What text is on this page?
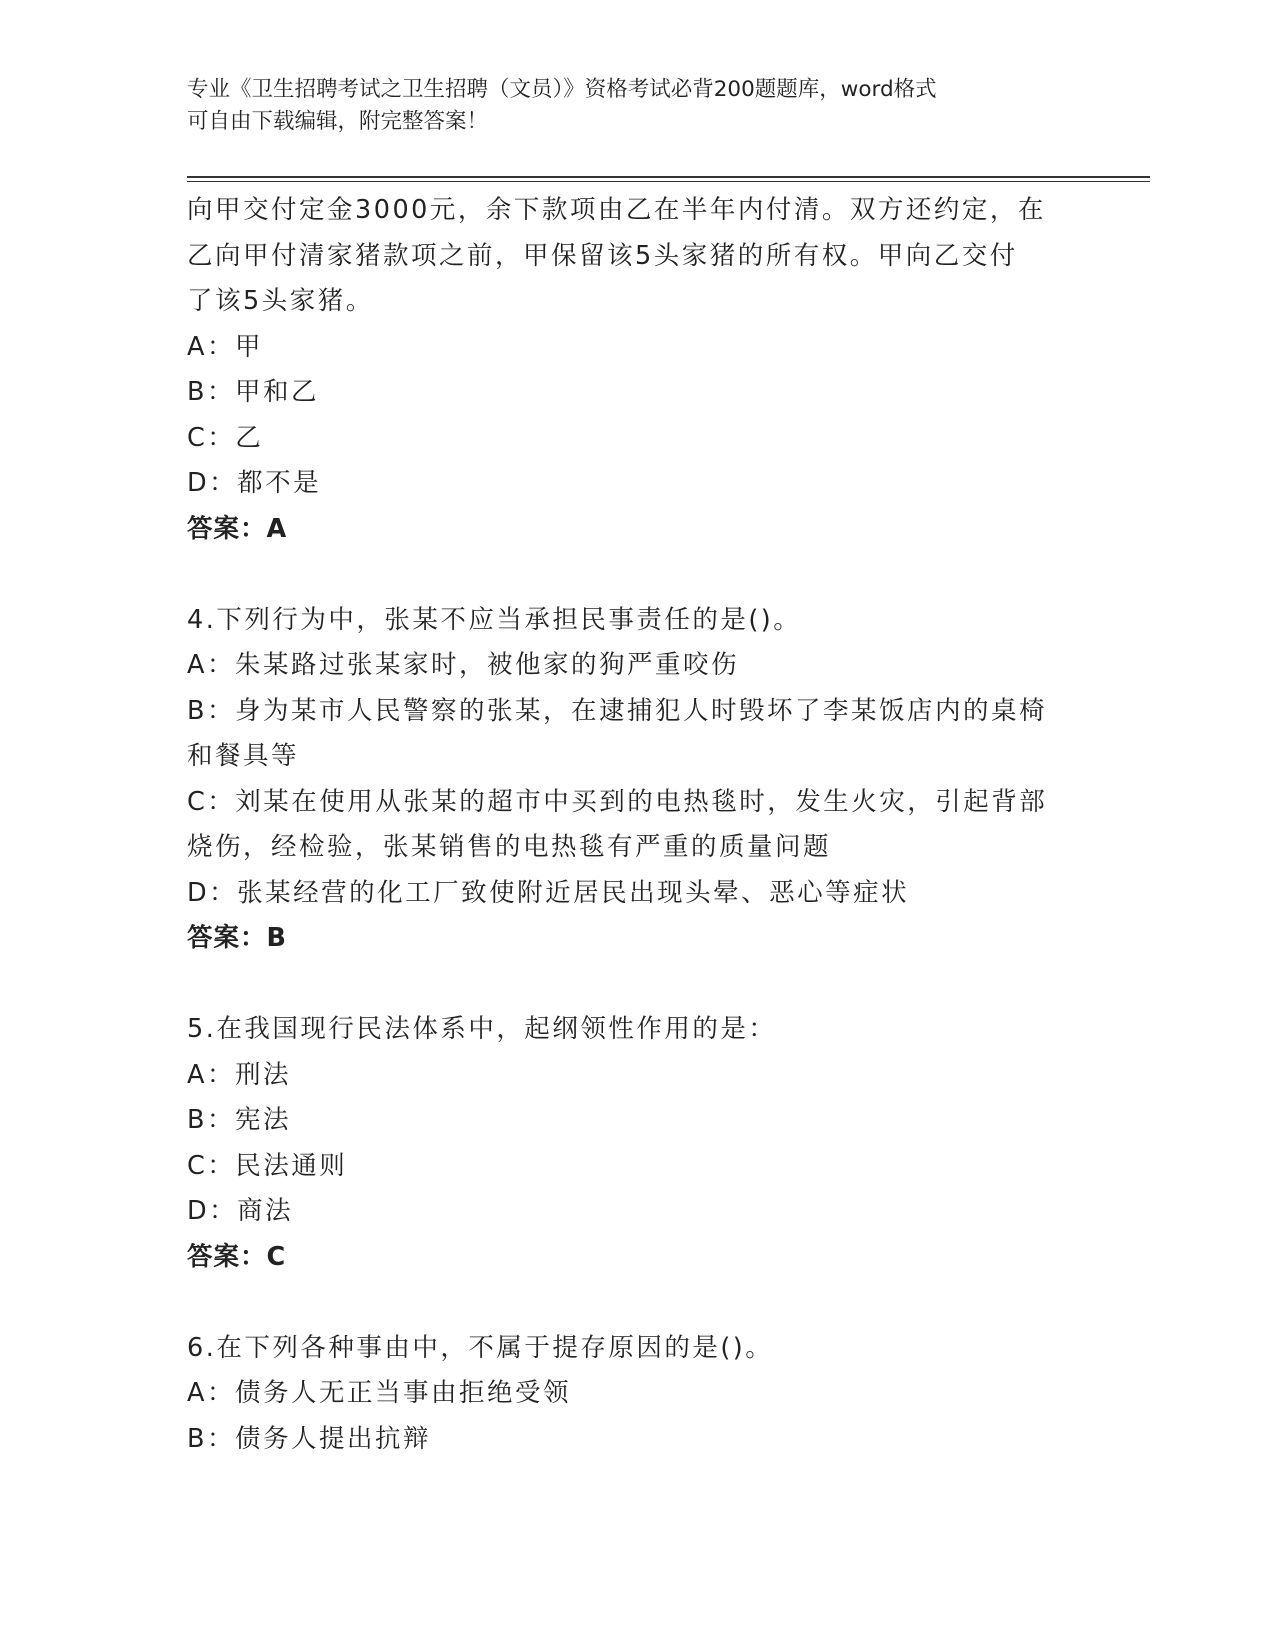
专业《卫生招聘考试之卫生招聘（文员）》资格考试必背200题题库，word格式
可自由下载编辑，附完整答案！
向甲交付定金3000元，余下款项由乙在半年内付清。双方还约定，在
乙向甲付清家猪款项之前，甲保留该5头家猪的所有权。甲向乙交付
了该5头家猪。
A：甲
B：甲和乙
C：乙
D：都不是
答案：A
4.下列行为中，张某不应当承担民事责任的是()。
A：朱某路过张某家时，被他家的狗严重咬伤
B：身为某市人民警察的张某，在逮捕犯人时毁坏了李某饭店内的桌椅
和餐具等
C：刘某在使用从张某的超市中买到的电热毯时，发生火灾，引起背部
烧伤，经检验，张某销售的电热毯有严重的质量问题
D：张某经营的化工厂致使附近居民出现头晕、恶心等症状
答案：B
5.在我国现行民法体系中，起纲领性作用的是：
A：刑法
B：宪法
C：民法通则
D：商法
答案：C
6.在下列各种事由中，不属于提存原因的是()。
A：债务人无正当事由拒绝受领
B：债务人提出抗辩
